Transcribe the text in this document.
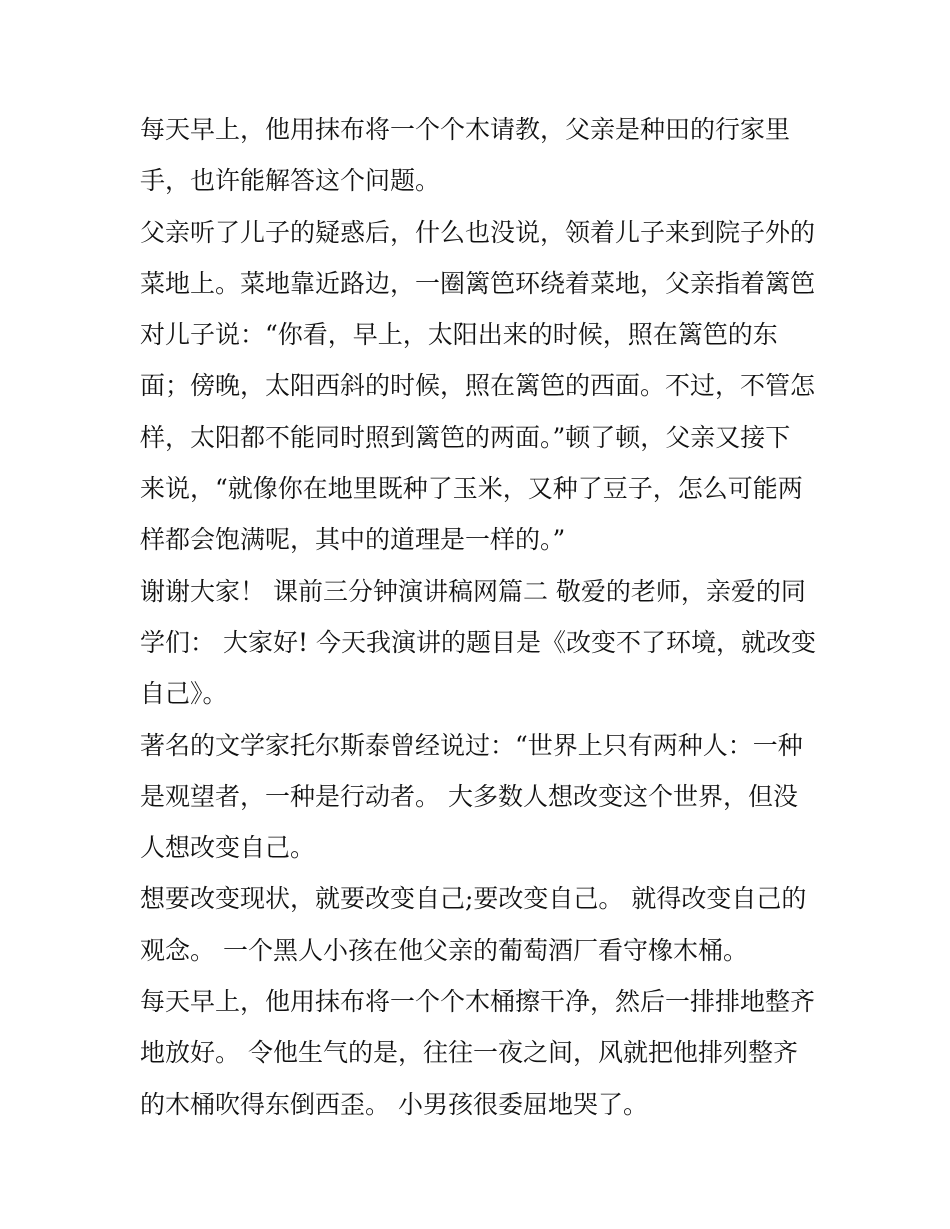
每天早上，他用抹布将一个个木请教，父亲是种田的行家里
手，也许能解答这个问题。
父亲听了儿子的疑惑后，什么也没说，领着儿子来到院子外的
菜地上。菜地靠近路边，一圈篱笆环绕着菜地，父亲指着篱笆
对儿子说：“你看，早上，太阳出来的时候，照在篱笆的东
面；傍晚，太阳西斜的时候，照在篱笆的西面。不过，不管怎
样，太阳都不能同时照到篱笆的两面。”顿了顿，父亲又接下
来说，“就像你在地里既种了玉米，又种了豆子，怎么可能两
样都会饱满呢，其中的道理是一样的。”
谢谢大家！ 课前三分钟演讲稿网篇二 敬爱的老师，亲爱的同
学们： 大家好! 今天我演讲的题目是《改变不了环境，就改变
自己》。
著名的文学家托尔斯泰曾经说过：“世界上只有两种人：一种
是观望者，一种是行动者。 大多数人想改变这个世界，但没
人想改变自己。
想要改变现状，就要改变自己;要改变自己。 就得改变自己的
观念。 一个黑人小孩在他父亲的葡萄酒厂看守橡木桶。
每天早上，他用抹布将一个个木桶擦干净，然后一排排地整齐
地放好。 令他生气的是，往往一夜之间，风就把他排列整齐
的木桶吹得东倒西歪。 小男孩很委屈地哭了。
